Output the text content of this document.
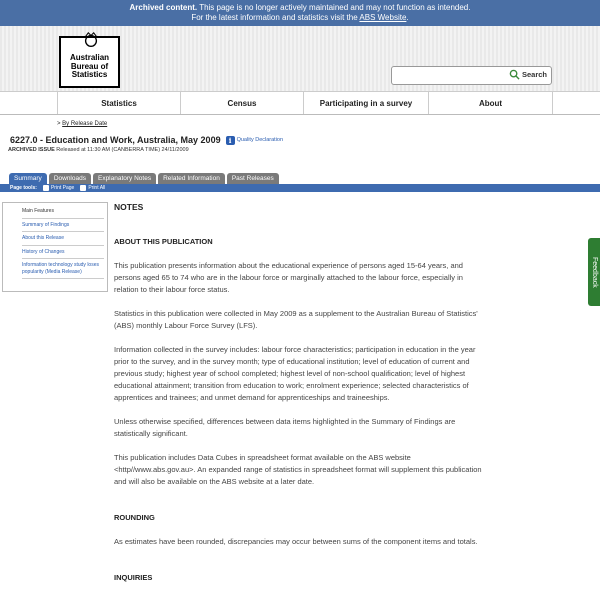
Archived content. This page is no longer actively maintained and may not function as intended.
For the latest information and statistics visit the ABS Website.
Australian
Bureau of
Statistics	Search
Statistics	Census	Participating in a survey	About
> By Release Date
6227.0 - Education and Work, Australia, May 2009	i Quality Declaration
ARCHIVED ISSUE Released at 11:30 AM (CANBERRA TIME) 24/11/2009
Summary	Downloads	Explanatory Notes	Related Information	Past Releases
Page tools:	Print Page	Print All
Main Features
Summary of Findings
About this Release
History of Changes
Information technology study loses popularity (Media Release)
NOTES
ABOUT THIS PUBLICATION

This publication presents information about the educational experience of persons aged 15-64 years, and persons aged 65 to 74 who are in the labour force or marginally attached to the labour force, especially in relation to their labour force status.

Statistics in this publication were collected in May 2009 as a supplement to the Australian Bureau of Statistics' (ABS) monthly Labour Force Survey (LFS).

Information collected in the survey includes: labour force characteristics; participation in education in the year prior to the survey, and in the survey month; type of educational institution; level of education of current and previous study; highest year of school completed; highest level of non-school qualification; level of highest educational attainment; transition from education to work; enrolment experience; selected characteristics of apprentices and trainees; and unmet demand for apprenticeships and traineeships.

Unless otherwise specified, differences between data items highlighted in the Summary of Findings are statistically significant.

This publication includes Data Cubes in spreadsheet format available on the ABS website <http//www.abs.gov.au>. An expanded range of statistics in spreadsheet format will supplement this publication and will also be available on the ABS website at a later date.

ROUNDING

As estimates have been rounded, discrepancies may occur between sums of the component items and totals.

INQUIRIES
Feedback
